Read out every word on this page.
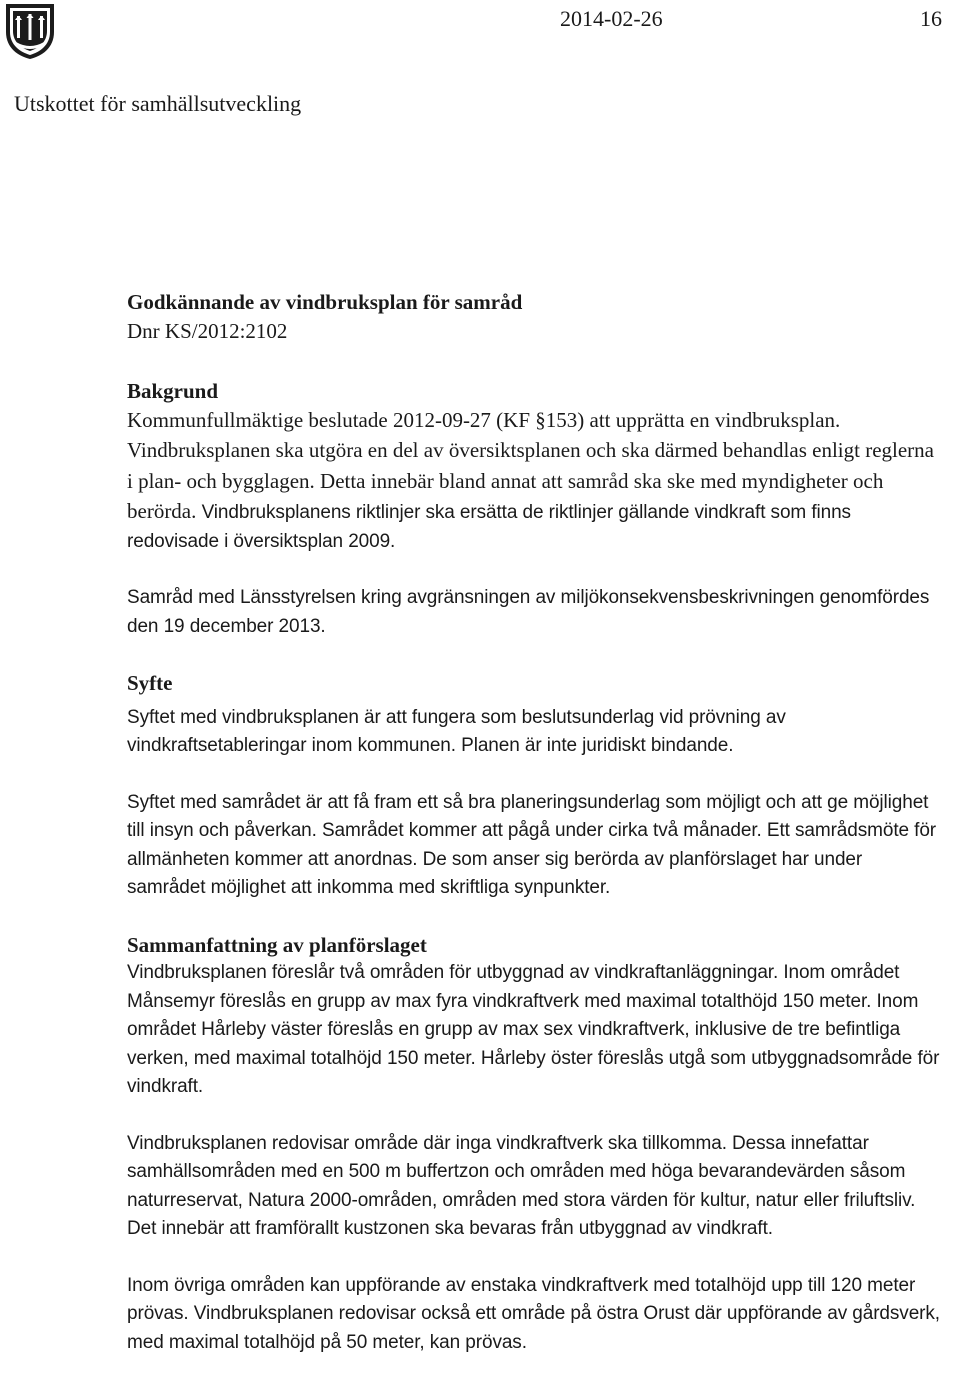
2014-02-26	16
Utskottet för samhällsutveckling

Godkännande av vindbruksplan för samråd

Dnr KS/2012:2102

Bakgrund

Kommunfullmäktige beslutade 2012-09-27 (KF §153) att upprätta en vindbruksplan. Vindbruksplanen ska utgöra en del av översiktsplanen och ska därmed behandlas enligt reglerna i plan- och bygglagen. Detta innebär bland annat att samråd ska ske med myndigheter och berörda. Vindbruksplanens riktlinjer ska ersätta de riktlinjer gällande vindkraft som finns redovisade i översiktsplan 2009.

Samråd med Länsstyrelsen kring avgränsningen av miljökonsekvensbeskrivningen genomfördes den 19 december 2013.

Syfte

Syftet med vindbruksplanen är att fungera som beslutsunderlag vid prövning av vindkraftsetableringar inom kommunen. Planen är inte juridiskt bindande.

Syftet med samrådet är att få fram ett så bra planeringsunderlag som möjligt och att ge möjlighet till insyn och påverkan. Samrådet kommer att pågå under cirka två månader. Ett samrådsmöte för allmänheten kommer att anordnas. De som anser sig berörda av planförslaget har under samrådet möjlighet att inkomma med skriftliga synpunkter.

Sammanfattning av planförslaget

Vindbruksplanen föreslår två områden för utbyggnad av vindkraftanläggningar. Inom området Månsemyr föreslås en grupp av max fyra vindkraftverk med maximal totalthöjd 150 meter. Inom området Hårleby väster föreslås en grupp av max sex vindkraftverk, inklusive de tre befintliga verken, med maximal totalhöjd 150 meter. Hårleby öster föreslås utgå som utbyggnadsområde för vindkraft.

Vindbruksplanen redovisar område där inga vindkraftverk ska tillkomma. Dessa innefattar samhällsområden med en 500 m buffertzon och områden med höga bevarandevärden såsom naturreservat, Natura 2000-områden, områden med stora värden för kultur, natur eller friluftsliv. Det innebär att framförallt kustzonen ska bevaras från utbyggnad av vindkraft.

Inom övriga områden kan uppförande av enstaka vindkraftverk med totalhöjd upp till 120 meter prövas. Vindbruksplanen redovisar också ett område på östra Orust där uppförande av gårdsverk, med maximal totalhöjd på 50 meter, kan prövas.
